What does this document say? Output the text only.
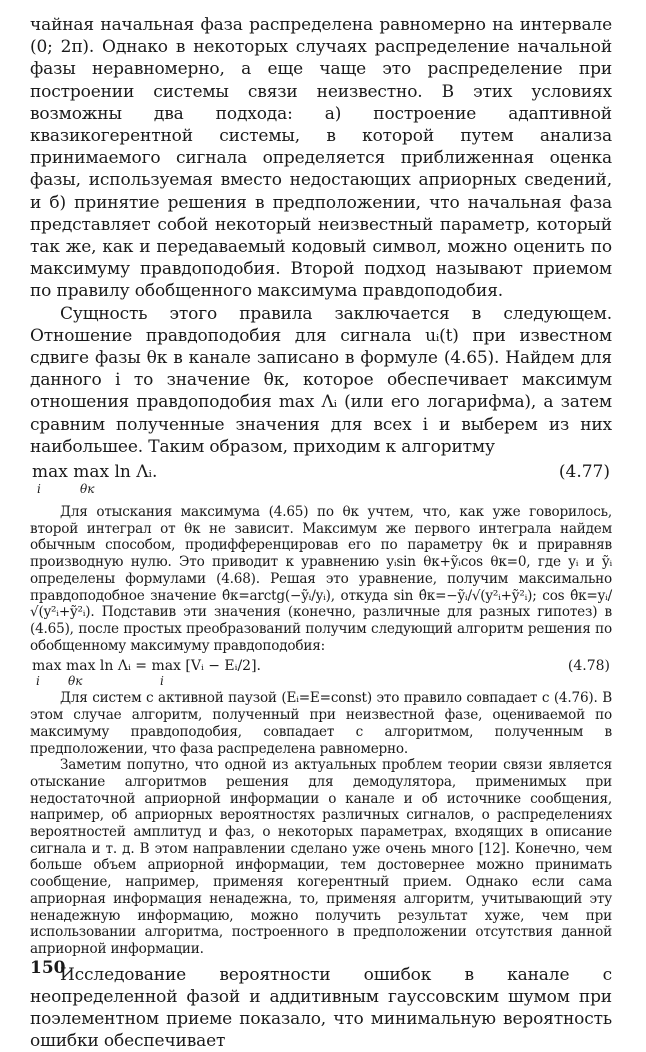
чайная начальная фаза распределена равномерно на интервале (0; 2π). Однако в некоторых случаях распределение начальной фазы неравномерно, а еще чаще это распределение при построении системы связи неизвестно. В этих условиях возможны два подхода: а) построение адаптивной квазикогерентной системы, в которой путем анализа принимаемого сигнала определяется приближенная оценка фазы, используемая вместо недостающих априорных сведений, и б) принятие решения в предположении, что начальная фаза представляет собой некоторый неизвестный параметр, который так же, как и передаваемый кодовый символ, можно оценить по максимуму правдоподобия. Второй подход называют приемом по правилу обобщенного максимума правдоподобия.

Сущность этого правила заключается в следующем. Отношение правдоподобия для сигнала uᵢ(t) при известном сдвиге фазы θк в канале записано в формуле (4.65). Найдем для данного i то значение θк, которое обеспечивает максимум отношения правдоподобия max Λᵢ (или его логарифма), а затем сравним полученные значения для всех i и выберем из них наибольшее. Таким образом, приходим к алгоритму

max max ln Λᵢ.
i	θк
(4.77)

Для отыскания максимума (4.65) по θк учтем, что, как уже говорилось, второй интеграл от θк не зависит. Максимум же первого интеграла найдем обычным способом, продифференцировав его по параметру θк и приравняв производную нулю. Это приводит к уравнению yᵢsin θк+ỹᵢcos θк=0, где yᵢ и ỹᵢ определены формулами (4.68). Решая это уравнение, получим максимально правдоподобное значение θ̂к=arctg(−ỹᵢ/yᵢ), откуда sin θ̂к=−ỹᵢ/√(y²ᵢ+ỹ²ᵢ); cos θ̂к=yᵢ/√(y²ᵢ+ỹ²ᵢ). Подставив эти значения (конечно, различные для разных гипотез) в (4.65), после простых преобразований получим следующий алгоритм решения по обобщенному максимуму правдоподобия:

max max ln Λᵢ = max [Vᵢ − Eᵢ/2].
i θк	i
(4.78)

Для систем с активной паузой (Eᵢ=E=const) это правило совпадает с (4.76). В этом случае алгоритм, полученный при неизвестной фазе, оцениваемой по максимуму правдоподобия, совпадает с алгоритмом, полученным в предположении, что фаза распределена равномерно.

Заметим попутно, что одной из актуальных проблем теории связи является отыскание алгоритмов решения для демодулятора, применимых при недостаточной априорной информации о канале и об источнике сообщения, например, об априорных вероятностях различных сигналов, о распределениях вероятностей амплитуд и фаз, о некоторых параметрах, входящих в описание сигнала и т. д. В этом направлении сделано уже очень много [12]. Конечно, чем больше объем априорной информации, тем достовернее можно принимать сообщение, например, применяя когерентный прием. Однако если сама априорная информация ненадежна, то, применяя алгоритм, учитывающий эту ненадежную информацию, можно получить результат хуже, чем при использовании алгоритма, построенного в предположении отсутствия данной априорной информации.

Исследование вероятности ошибок в канале с неопределенной фазой и аддитивным гауссовским шумом при поэлементном приеме показало, что минимальную вероятность ошибки обеспечивает

150
